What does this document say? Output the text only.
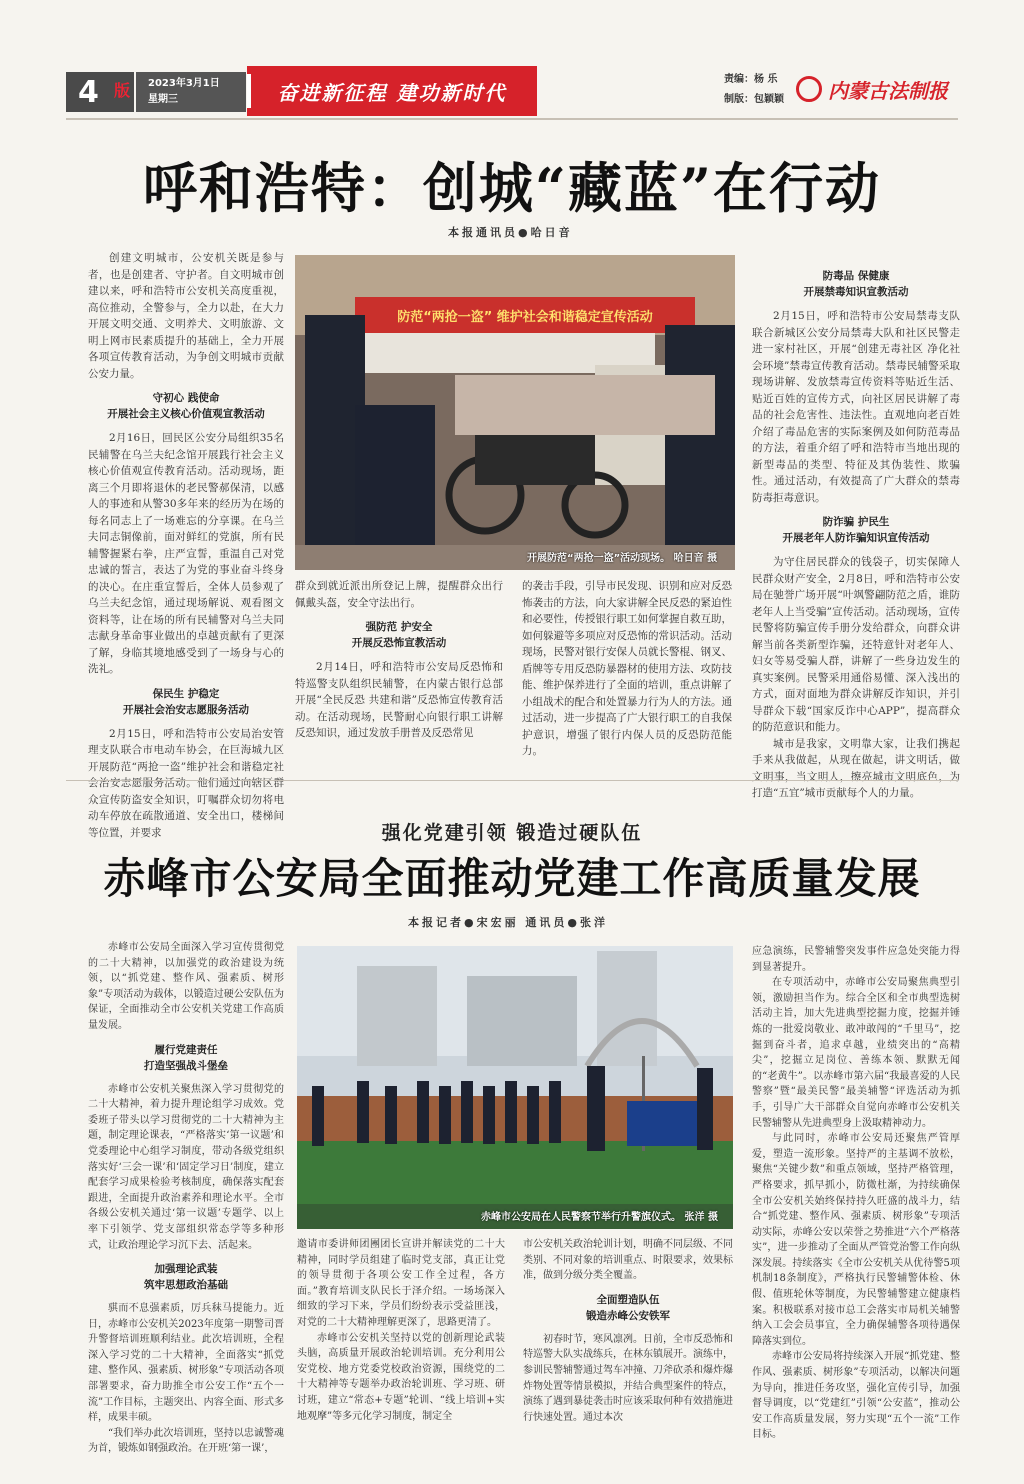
4 版 2023年3月1日
星期三	奋进新征程 建功新时代
责编：杨 乐
制版：包颖颖 内蒙古法制报
呼和浩特：创城“藏蓝”在行动
本报通讯员●哈日音

创建文明城市，公安机关既是参与者，也是创建者、守护者。自文明城市创建以来，呼和浩特市公安机关高度重视，高位推动，全警参与，全力以赴，在大力开展文明交通、文明养犬、文明旅游、文明上网市民素质提升的基础上，全力开展各项宣传教育活动，为争创文明城市贡献公安力量。

守初心 践使命
开展社会主义核心价值观宣教活动

2月16日，回民区公安分局组织35名民辅警在乌兰夫纪念馆开展践行社会主义核心价值观宣传教育活动。活动现场，距离三个月即将退休的老民警郝保清，以感人的事迹和从警30多年来的经历为在场的每名同志上了一场难忘的分享课。在乌兰夫同志铜像前，面对鲜红的党旗，所有民辅警握紧右拳，庄严宣誓，重温自己对党忠诚的誓言，表达了为党的事业奋斗终身的决心。在庄重宣誓后，全体人员参观了乌兰夫纪念馆，通过现场解说、观看图文资料等，让在场的所有民辅警对乌兰夫同志献身革命事业做出的卓越贡献有了更深了解，身临其境地感受到了一场身与心的洗礼。

保民生 护稳定
开展社会治安志愿服务活动

2月15日，呼和浩特市公安局治安管理支队联合市电动车协会，在巨海城九区开展防范“两抢一盗”维护社会和谐稳定社会治安志愿服务活动。他们通过向辖区群众宣传防盗安全知识，叮嘱群众切勿将电动车停放在疏散通道、安全出口，楼梯间等位置，并要求

防范“两抢一盗” 维护社会和谐稳定宣传活动
开展防范“两抢一盗”活动现场。 哈日音 摄

群众到就近派出所登记上牌，提醒群众出行佩戴头盔，安全守法出行。

强防范 护安全
开展反恐怖宣教活动

2月14日，呼和浩特市公安局反恐怖和特巡警支队组织民辅警，在内蒙古银行总部开展“全民反恐 共建和谐”反恐怖宣传教育活动。在活动现场，民警耐心向银行职工讲解反恐知识，通过发放手册普及反恐常见

的袭击手段，引导市民发现、识别和应对反恐怖袭击的方法，向大家讲解全民反恐的紧迫性和必要性，传授银行职工如何掌握自救互助，如何躲避等多项应对反恐怖的常识活动。活动现场，民警对银行安保人员就长警棍、钢叉、盾牌等专用反恐防暴器材的使用方法、攻防技能、维护保养进行了全面的培训，重点讲解了小组战术的配合和处置暴力行为人的方法。通过活动，进一步提高了广大银行职工的自我保护意识，增强了银行内保人员的反恐防范能力。

防毒品 保健康
开展禁毒知识宣教活动

2月15日，呼和浩特市公安局禁毒支队联合新城区公安分局禁毒大队和社区民警走进一家村社区，开展“创建无毒社区 净化社会环境”禁毒宣传教育活动。禁毒民辅警采取现场讲解、发放禁毒宣传资料等贴近生活、贴近百姓的宣传方式，向社区居民讲解了毒品的社会危害性、违法性。直观地向老百姓介绍了毒品危害的实际案例及如何防范毒品的方法，着重介绍了呼和浩特市当地出现的新型毒品的类型、特征及其伪装性、欺骗性。通过活动，有效提高了广大群众的禁毒防毒拒毒意识。

防诈骗 护民生
开展老年人防诈骗知识宣传活动

为守住居民群众的钱袋子，切实保障人民群众财产安全，2月8日，呼和浩特市公安局在驰誉广场开展“叶飒警翩防范之盾，谁防老年人上当受骗”宣传活动。活动现场，宣传民警将防骗宣传手册分发给群众，向群众讲解当前各类新型诈骗，还特意针对老年人、妇女等易受骗人群，讲解了一些身边发生的真实案例。民警采用通俗易懂、深入浅出的方式，面对面地为群众讲解反诈知识，并引导群众下载“国家反诈中心APP”，提高群众的防范意识和能力。

城市是我家，文明靠大家，让我们携起手来从我做起，从现在做起，讲文明话，做文明事，当文明人，擦亮城市文明底色，为打造“五宜”城市贡献每个人的力量。

强化党建引领 锻造过硬队伍
赤峰市公安局全面推动党建工作高质量发展
本报记者●宋宏丽 通讯员●张洋

赤峰市公安局全面深入学习宣传贯彻党的二十大精神，以加强党的政治建设为统领，以“抓党建、整作风、强素质、树形象”专项活动为载体，以锻造过硬公安队伍为保证，全面推动全市公安机关党建工作高质量发展。

履行党建责任
打造坚强战斗堡垒

赤峰市公安机关聚焦深入学习贯彻党的二十大精神，着力提升理论组学习成效。党委班子带头以学习贯彻党的二十大精神为主题，制定理论课表，“严格落实‘第一议题’和党委理论中心组学习制度，带动各级党组织落实好‘三会一课’和‘固定学习日’制度，建立配套学习成果检验考核制度，确保落实配套跟进，全面提升政治素养和理论水平。全市各级公安机关通过‘第一议题’专题学、以上率下引领学、党支部组织常态学等多种形式，让政治理论学习沉下去、活起来。

加强理论武装
筑牢思想政治基础

骐而不息强素质，厉兵秣马提能力。近日，赤峰市公安机关2023年度第一期警司晋升警督培训班顺利结业。此次培训班，全程深入学习党的二十大精神，全面落实“抓党建、整作风、强素质、树形象”专项活动各项部署要求，奋力助推全市公安工作“五个一流”工作目标，主题突出、内容全面、形式多样，成果丰硕。

“我们举办此次培训班，坚持以忠诚警魂为首，锻炼如钢强政治。在开班‘第一课’，

赤峰市公安局在人民警察节举行升警旗仪式。 张洋 摄

邀请市委讲师团團团长宣讲并解读党的二十大精神，同时学员组建了临时党支部，真正让党的领导贯彻于各项公安工作全过程，各方面。”教育培训支队民长于泽介绍。一场场深入细致的学习下来，学员们纷纷表示受益匪浅，对党的二十大精神理解更深了，思路更清了。

赤峰市公安机关坚持以党的创新理论武装头脑，高质量开展政治轮训培训。充分利用公安党校、地方党委党校政治资源，围绕党的二十大精神等专题举办政治轮训班、学习班、研讨班，建立“常态+专题”轮训、“线上培训+实地观摩”等多元化学习制度，制定全

市公安机关政治轮训计划，明确不同层级、不同类别、不同对象的培训重点、时限要求，效果标准，做到分级分类全覆盖。

全面塑造队伍
锻造赤峰公安铁军

初春时节，寒风凛冽。日前，全市反恐怖和特巡警大队实战练兵，在林东镇展开。演练中，参训民警辅警通过驾车冲撞、刀斧砍杀和爆炸爆炸物处置等情景模拟，并结合典型案件的特点，演练了遇到暴徒袭击时应该采取何种有效措施进行快速处置。通过本次

应急演练，民警辅警突发事件应急处突能力得到显著提升。

在专项活动中，赤峰市公安局聚焦典型引领，激励担当作为。综合全区和全市典型选树活动主旨，加大先进典型挖掘力度，挖掘并锤炼的一批爱岗敬业、敢冲敢闯的“千里马”，挖掘到奋斗者，追求卓越，业绩突出的“高精尖”，挖掘立足岗位、善练本领、默默无闻的“老黄牛”。以赤峰市第六届“我最喜爱的人民警察”暨“最美民警”最美辅警“评选活动为抓手，引导广大干部群众自觉向赤峰市公安机关民警辅警从先进典型身上汲取精神动力。

与此同时，赤峰市公安局还聚焦严管厚爱，塑造一流形象。坚持严的主基调不放松，聚焦“关键少数”和重点领域，坚持严格管理，严格要求，抓早抓小，防微杜渐，为持续确保全市公安机关始终保持持久旺盛的战斗力，结合“抓党建、整作风、强素质、树形象”专项活动实际，赤峰公安以荣誉之势推进“六个严格落实”，进一步推动了全面从严管党治警工作向纵深发展。持续落实《全市公安机关从优待警5项机制18条制度》，严格执行民警辅警体检、休假、值班轮休等制度，为民警辅警建立健康档案。积极联系对接市总工会落实市局机关辅警纳入工会会员事宜，全力确保辅警各项待遇保障落实到位。

赤峰市公安局将持续深入开展“抓党建、整作风、强素质、树形象”专项活动，以解决问题为导向，推进任务攻坚，强化宣传引导，加强督导调度，以“党建红”引领“公安蓝”，推动公安工作高质量发展，努力实现“五个一流”工作目标。
